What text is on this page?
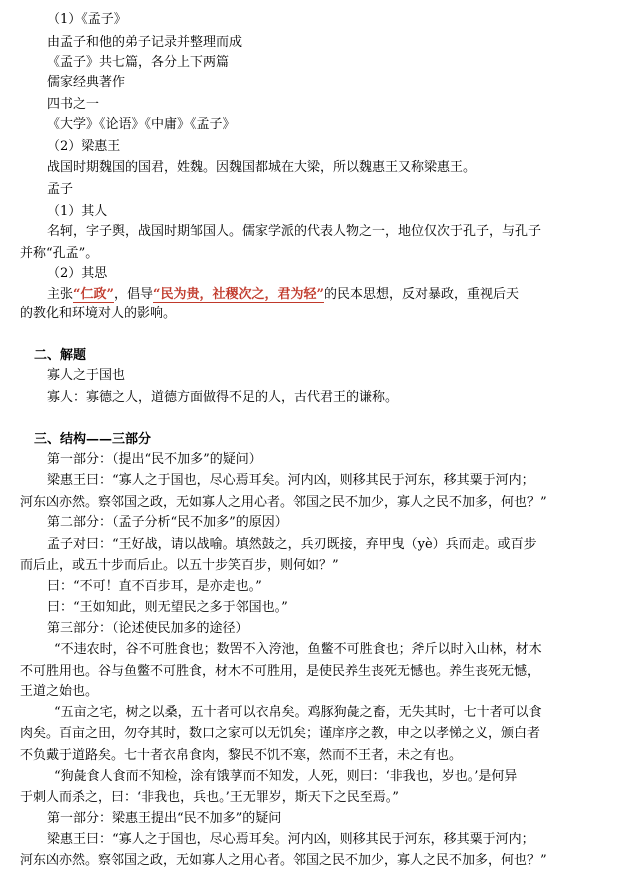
（1）《孟子》
由孟子和他的弟子记录并整理而成
《孟子》共七篇，各分上下两篇
儒家经典著作
四书之一
《大学》《论语》《中庸》《孟子》
（2）梁惠王
战国时期魏国的国君，姓魏。因魏国都城在大梁，所以魏惠王又称梁惠王。
孟子
（1）其人
名轲，字子舆，战国时期邹国人。儒家学派的代表人物之一，地位仅次于孔子，与孔子
并称“孔孟”。
（2）其思
主张“仁政”，倡导“民为贵，社稷次之，君为轻”的民本思想，反对暴政，重视后天
的教化和环境对人的影响。
二、解题
寡人之于国也
寡人：寡德之人，道德方面做得不足的人，古代君王的谦称。
三、结构——三部分
第一部分：（提出“民不加多”的疑问）
梁惠王曰：“寡人之于国也，尽心焉耳矣。河内凶，则移其民于河东，移其粟于河内；
河东凶亦然。察邻国之政，无如寡人之用心者。邻国之民不加少，寡人之民不加多，何也？”
第二部分：（孟子分析“民不加多”的原因）
孟子对曰：“王好战，请以战喻。填然鼓之，兵刃既接，弃甲曳（yè）兵而走。或百步
而后止，或五十步而后止。以五十步笑百步，则何如？”
曰：“不可！直不百步耳，是亦走也。”
曰：“王如知此，则无望民之多于邻国也。”
第三部分：（论述使民加多的途径）
“不违农时，谷不可胜食也；数罟不入洿池，鱼鳖不可胜食也；斧斤以时入山林，材木
不可胜用也。谷与鱼鳖不可胜食，材木不可胜用，是使民养生丧死无憾也。养生丧死无憾，
王道之始也。
“五亩之宅，树之以桑，五十者可以衣帛矣。鸡豚狗彘之畜，无失其时，七十者可以食
肉矣。百亩之田，勿夺其时，数口之家可以无饥矣；谨庠序之教，申之以孝悌之义，颁白者
不负戴于道路矣。七十者衣帛食肉，黎民不饥不寒，然而不王者，未之有也。
“狗彘食人食而不知检，涂有饿莩而不知发，人死，则曰：‘非我也，岁也。’是何异
于刺人而杀之，曰：‘非我也，兵也。’王无罪岁，斯天下之民至焉。”
第一部分：梁惠王提出“民不加多”的疑问
梁惠王曰：“寡人之于国也，尽心焉耳矣。河内凶，则移其民于河东，移其粟于河内；
河东凶亦然。察邻国之政，无如寡人之用心者。邻国之民不加少，寡人之民不加多，何也？”
